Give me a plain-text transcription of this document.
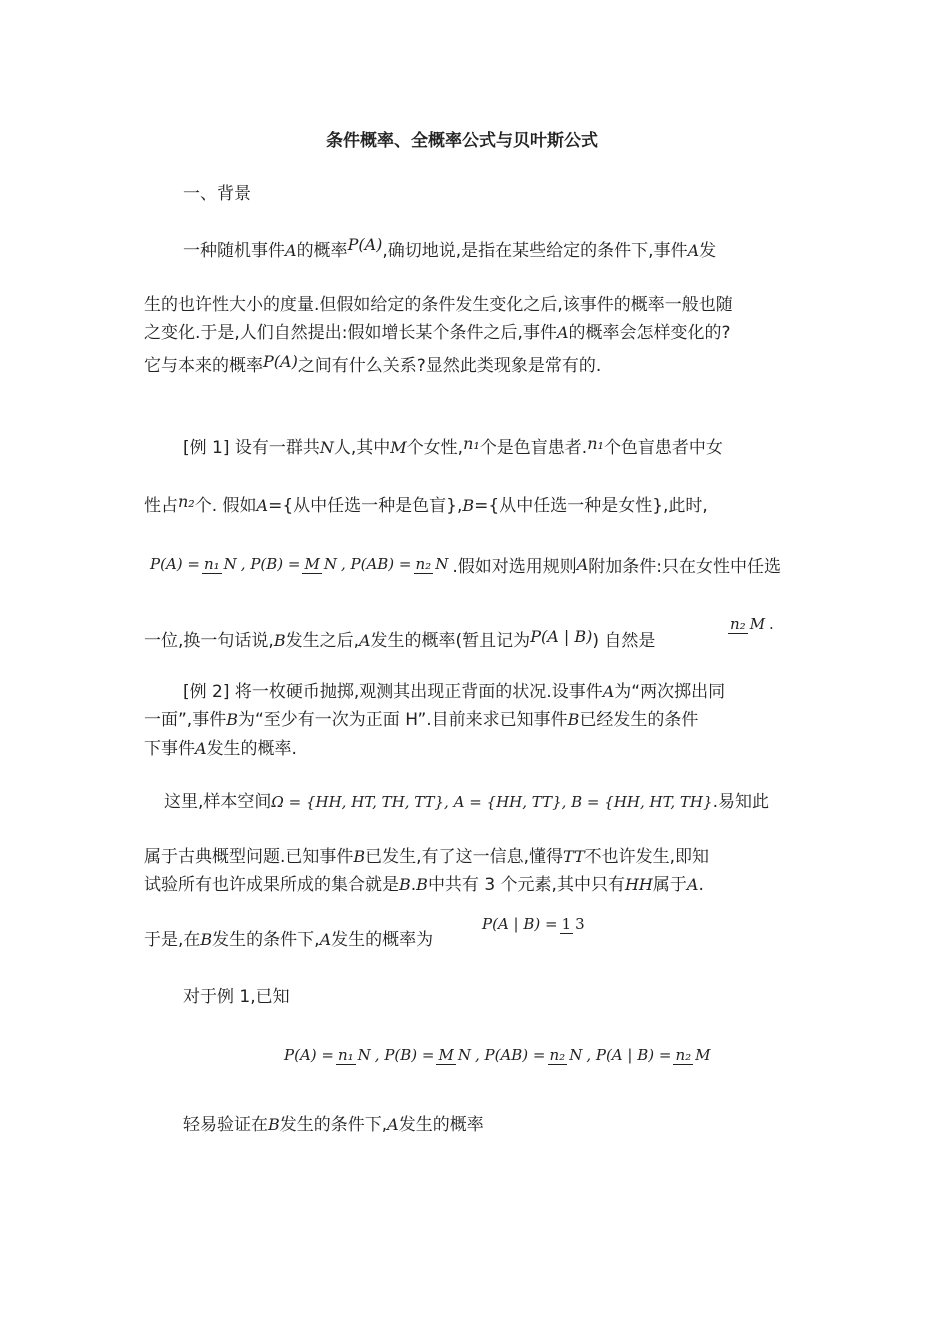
条件概率、全概率公式与贝叶斯公式
一、背景
一种随机事件A的概率P(A),确切地说,是指在某些给定的条件下,事件A发
生的也许性大小的度量.但假如给定的条件发生变化之后,该事件的概率一般也随
之变化.于是,人们自然提出:假如增长某个条件之后,事件A的概率会怎样变化的?
它与本来的概率P(A)之间有什么关系?显然此类现象是常有的.
[例 1] 设有一群共N人,其中M个女性,n₁个是色盲患者.n₁个色盲患者中女
性占n₂个. 假如A={从中任选一种是色盲},B={从中任选一种是女性},此时,
P(A) = n₁ N , P(B) = M N , P(AB) = n₂ N .假如对选用规则 A 附加条件:只在女性中任选
一位,换一句话说,B发生之后,A发生的概率(暂且记为P(A | B)) 自然是
n₂ M .
[例 2] 将一枚硬币抛掷,观测其出现正背面的状况.设事件A为“两次掷出同
一面”,事件B为“至少有一次为正面 H”.目前来求已知事件B已经发生的条件
下事件A发生的概率.
这里,样本空间Ω = {HH, HT, TH, TT}, A = {HH, TT}, B = {HH, HT, TH}.易知此
属于古典概型问题.已知事件B已发生,有了这一信息,懂得TT不也许发生,即知
试验所有也许成果所成的集合就是B.B中共有 3 个元素,其中只有HH属于A.
于是,在B发生的条件下,A发生的概率为
P(A | B) = 1 3
对于例 1,已知
P(A) = n₁ N , P(B) = M N , P(AB) = n₂ N , P(A | B) = n₂ M
轻易验证在B发生的条件下,A发生的概率
